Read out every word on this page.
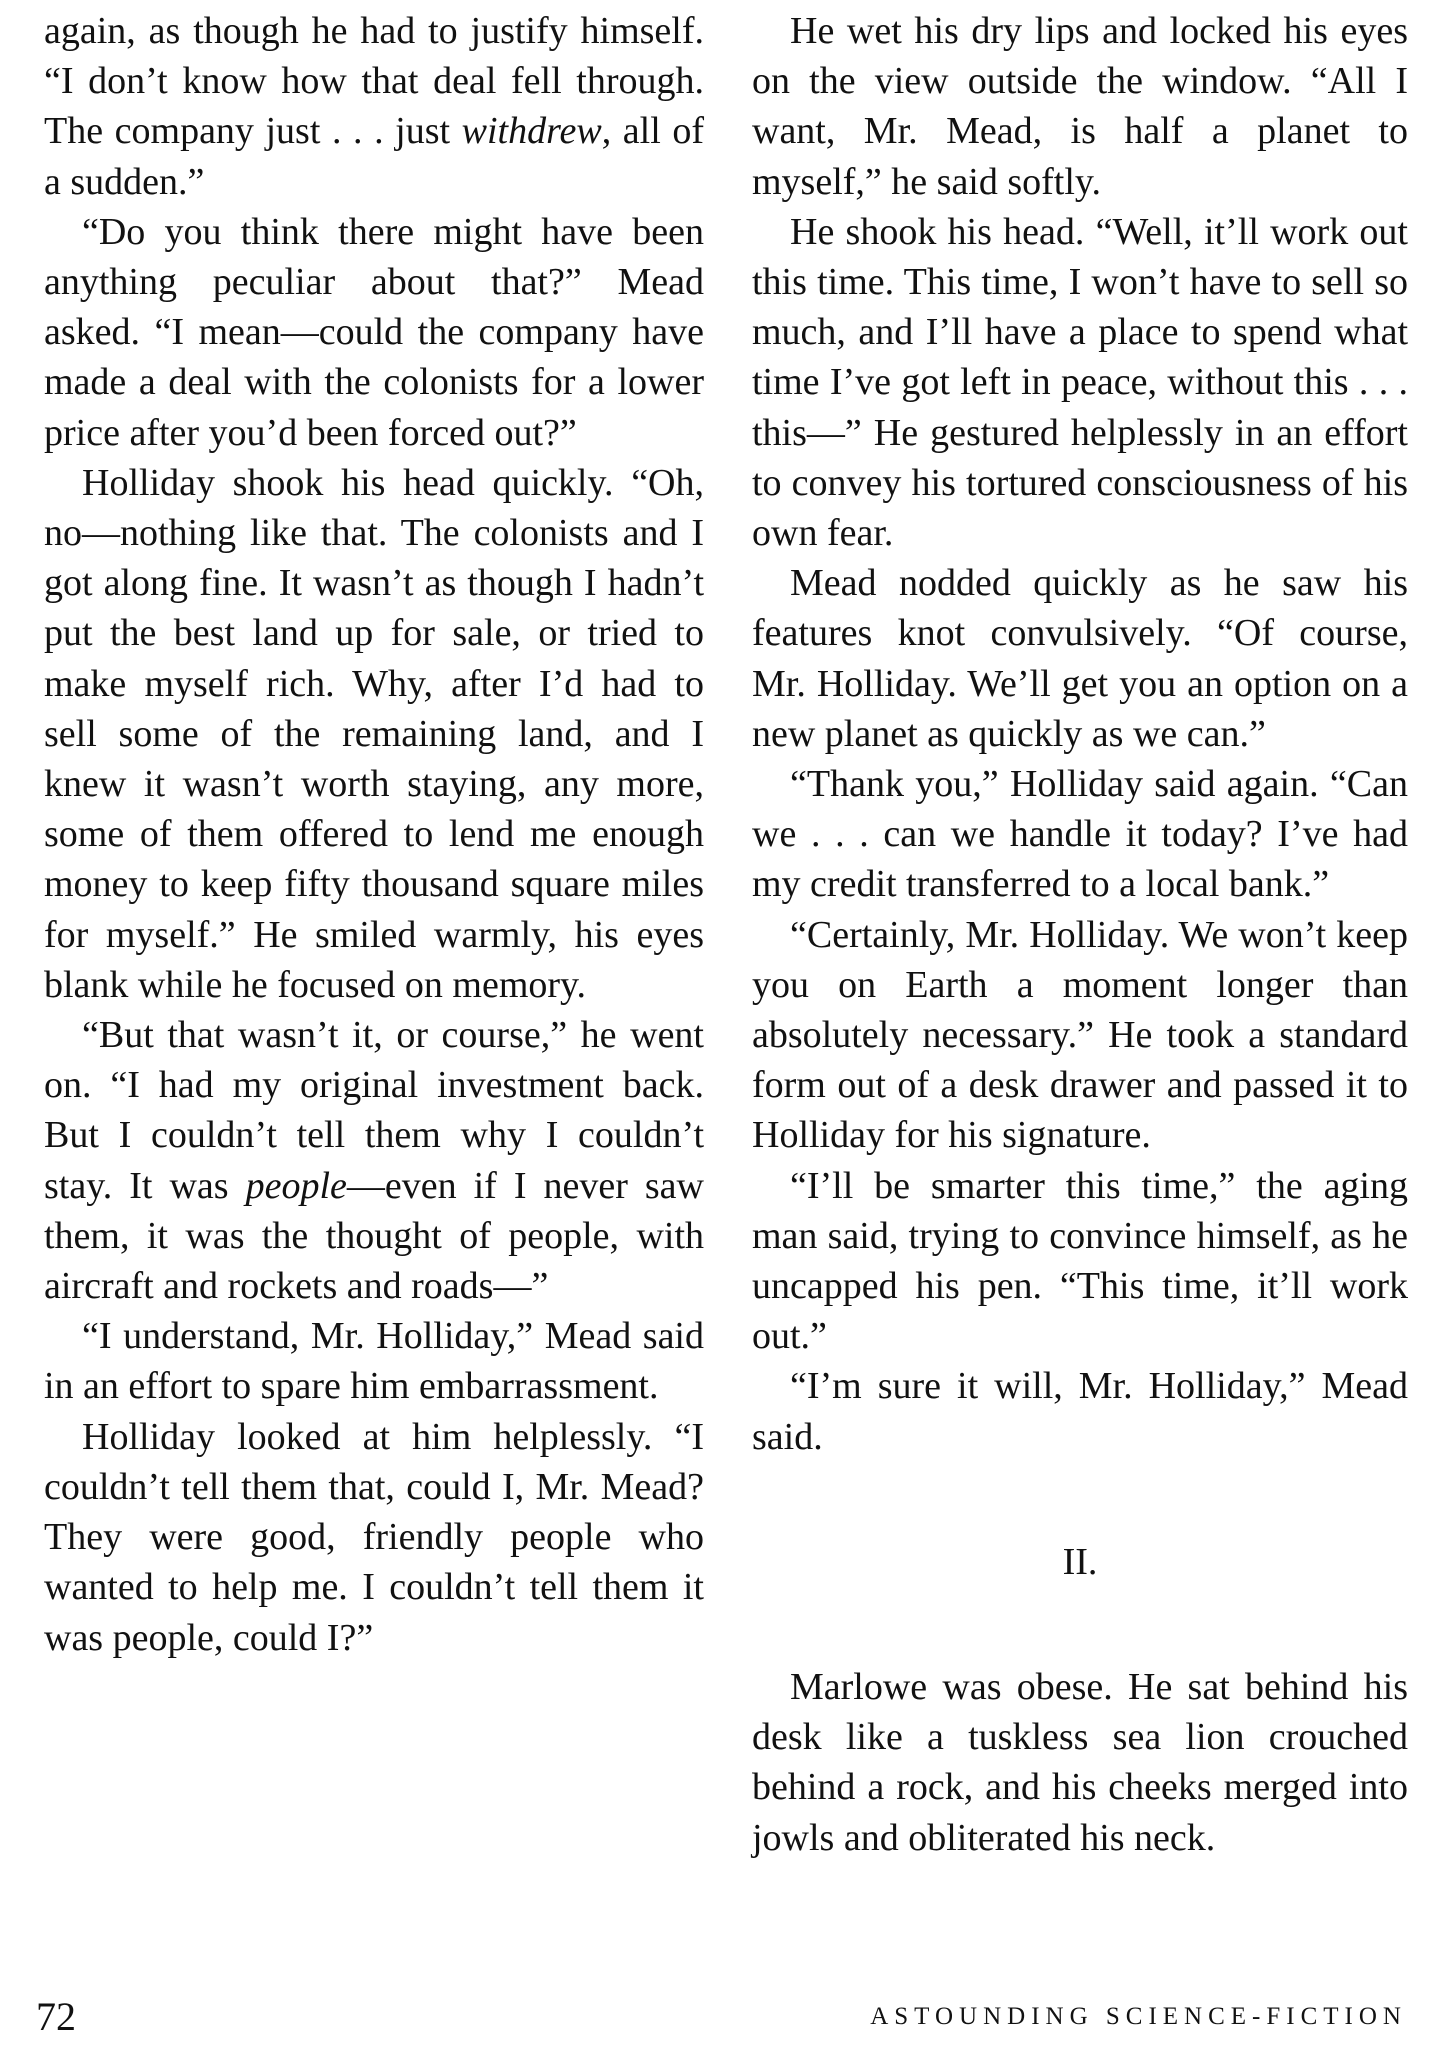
again, as though he had to justify himself. “I don’t know how that deal fell through. The company just . . . just withdrew, all of a sudden.”

“Do you think there might have been anything peculiar about that?” Mead asked. “I mean—could the company have made a deal with the colonists for a lower price after you’d been forced out?”

Holliday shook his head quickly. “Oh, no—nothing like that. The colonists and I got along fine. It wasn’t as though I hadn’t put the best land up for sale, or tried to make myself rich. Why, after I’d had to sell some of the remaining land, and I knew it wasn’t worth staying, any more, some of them offered to lend me enough money to keep fifty thousand square miles for myself.” He smiled warmly, his eyes blank while he focused on memory.

“But that wasn’t it, or course,” he went on. “I had my original investment back. But I couldn’t tell them why I couldn’t stay. It was people—even if I never saw them, it was the thought of people, with aircraft and rockets and roads—”

“I understand, Mr. Holliday,” Mead said in an effort to spare him embarrassment.

Holliday looked at him helplessly. “I couldn’t tell them that, could I, Mr. Mead? They were good, friendly people who wanted to help me. I couldn’t tell them it was people, could I?”

He wet his dry lips and locked his eyes on the view outside the window. “All I want, Mr. Mead, is half a planet to myself,” he said softly.

He shook his head. “Well, it’ll work out this time. This time, I won’t have to sell so much, and I’ll have a place to spend what time I’ve got left in peace, without this . . . this—” He gestured helplessly in an effort to convey his tortured consciousness of his own fear.

Mead nodded quickly as he saw his features knot convulsively. “Of course, Mr. Holliday. We’ll get you an option on a new planet as quickly as we can.”

“Thank you,” Holliday said again. “Can we . . . can we handle it today? I’ve had my credit transferred to a local bank.”

“Certainly, Mr. Holliday. We won’t keep you on Earth a moment longer than absolutely necessary.” He took a standard form out of a desk drawer and passed it to Holliday for his signature.

“I’ll be smarter this time,” the aging man said, trying to convince himself, as he uncapped his pen. “This time, it’ll work out.”

“I’m sure it will, Mr. Holliday,” Mead said.

II.

Marlowe was obese. He sat behind his desk like a tuskless sea lion crouched behind a rock, and his cheeks merged into jowls and obliterated his neck.

72	ASTOUNDING SCIENCE-FICTION
